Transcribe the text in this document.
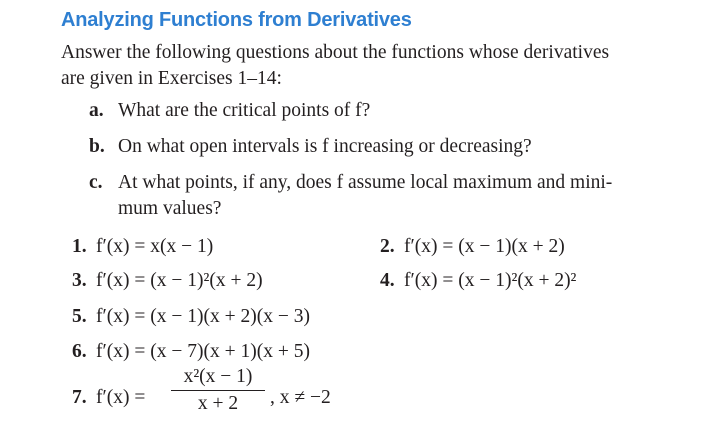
Analyzing Functions from Derivatives
Answer the following questions about the functions whose derivatives
are given in Exercises 1–14:
a. What are the critical points of f?
b. On what open intervals is f increasing or decreasing?
c. At what points, if any, does f assume local maximum and mini-
mum values?
1. f′(x) = x(x − 1)	2. f′(x) = (x − 1)(x + 2)
3. f′(x) = (x − 1)²(x + 2)	4. f′(x) = (x − 1)²(x + 2)²
5. f′(x) = (x − 1)(x + 2)(x − 3)
6. f′(x) = (x − 7)(x + 1)(x + 5)
7. f′(x) =
x²(x − 1)
x + 2	, x ≠ −2
